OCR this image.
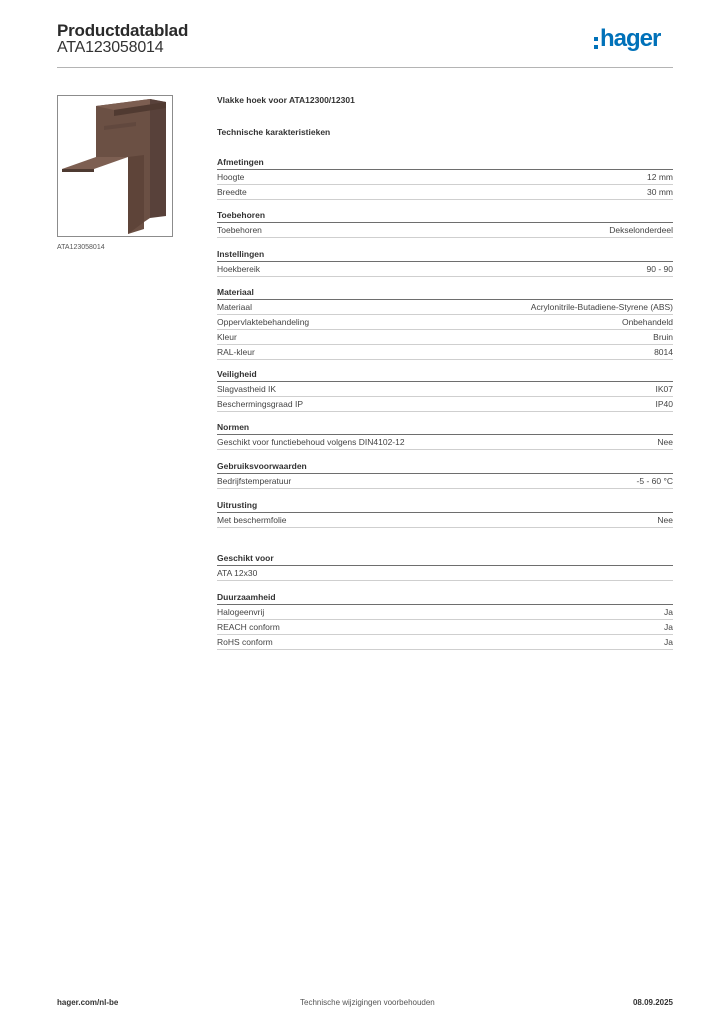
Productdatablad
ATA123058014	hager
ATA123058014
Vlakke hoek voor ATA12300/12301
Technische karakteristieken
Afmetingen
Hoogte	12 mm
Breedte	30 mm
Toebehoren
Toebehoren	Dekselonderdeel
Instellingen
Hoekbereik	90 - 90
Materiaal
Materiaal	Acrylonitrile-Butadiene-Styrene (ABS)
Oppervlaktebehandeling	Onbehandeld
Kleur	Bruin
RAL-kleur	8014
Veiligheid
Slagvastheid IK	IK07
Beschermingsgraad IP	IP40
Normen
Geschikt voor functiebehoud volgens DIN4102-12	Nee
Gebruiksvoorwaarden
Bedrijfstemperatuur	-5 - 60 °C
Uitrusting
Met beschermfolie	Nee
Geschikt voor
ATA 12x30
Duurzaamheid
Halogeenvrij	Ja
REACH conform	Ja
RoHS conform	Ja
hager.com/nl-be	Technische wijzigingen voorbehouden	08.09.2025
